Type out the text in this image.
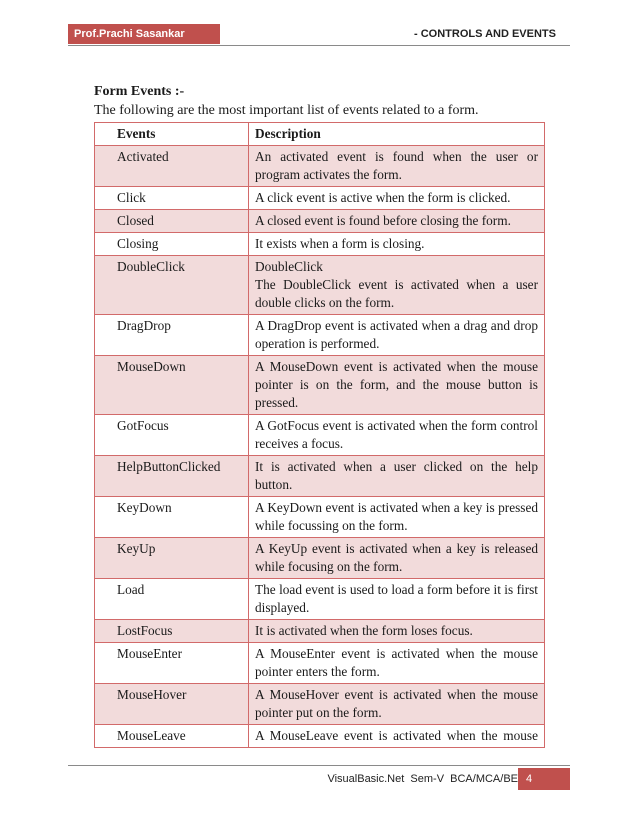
Prof.Prachi Sasankar	- CONTROLS AND EVENTS
Form Events :-
The following are the most important list of events related to a form.
Events	Description
Activated	An activated event is found when the user or program activates the form.
Click	A click event is active when the form is clicked.
Closed	A closed event is found before closing the form.
Closing	It exists when a form is closing.
DoubleClick	DoubleClick
The DoubleClick event is activated when a user double clicks on the form.

DragDrop	A DragDrop event is activated when a drag and drop operation is performed.
MouseDown	A MouseDown event is activated when the mouse pointer is on the form, and the mouse button is pressed.
GotFocus	A GotFocus event is activated when the form control receives a focus.
HelpButtonClicked	It is activated when a user clicked on the help button.
KeyDown	A KeyDown event is activated when a key is pressed while focussing on the form.
KeyUp	A KeyUp event is activated when a key is released while focusing on the form.
Load	The load event is used to load a form before it is first displayed.
LostFocus	It is activated when the form loses focus.
MouseEnter	A MouseEnter event is activated when the mouse pointer enters the form.
MouseHover	A MouseHover event is activated when the mouse pointer put on the form.
MouseLeave	A MouseLeave event is activated when the mouse
VisualBasic.Net  Sem-V  BCA/MCA/BE 4
